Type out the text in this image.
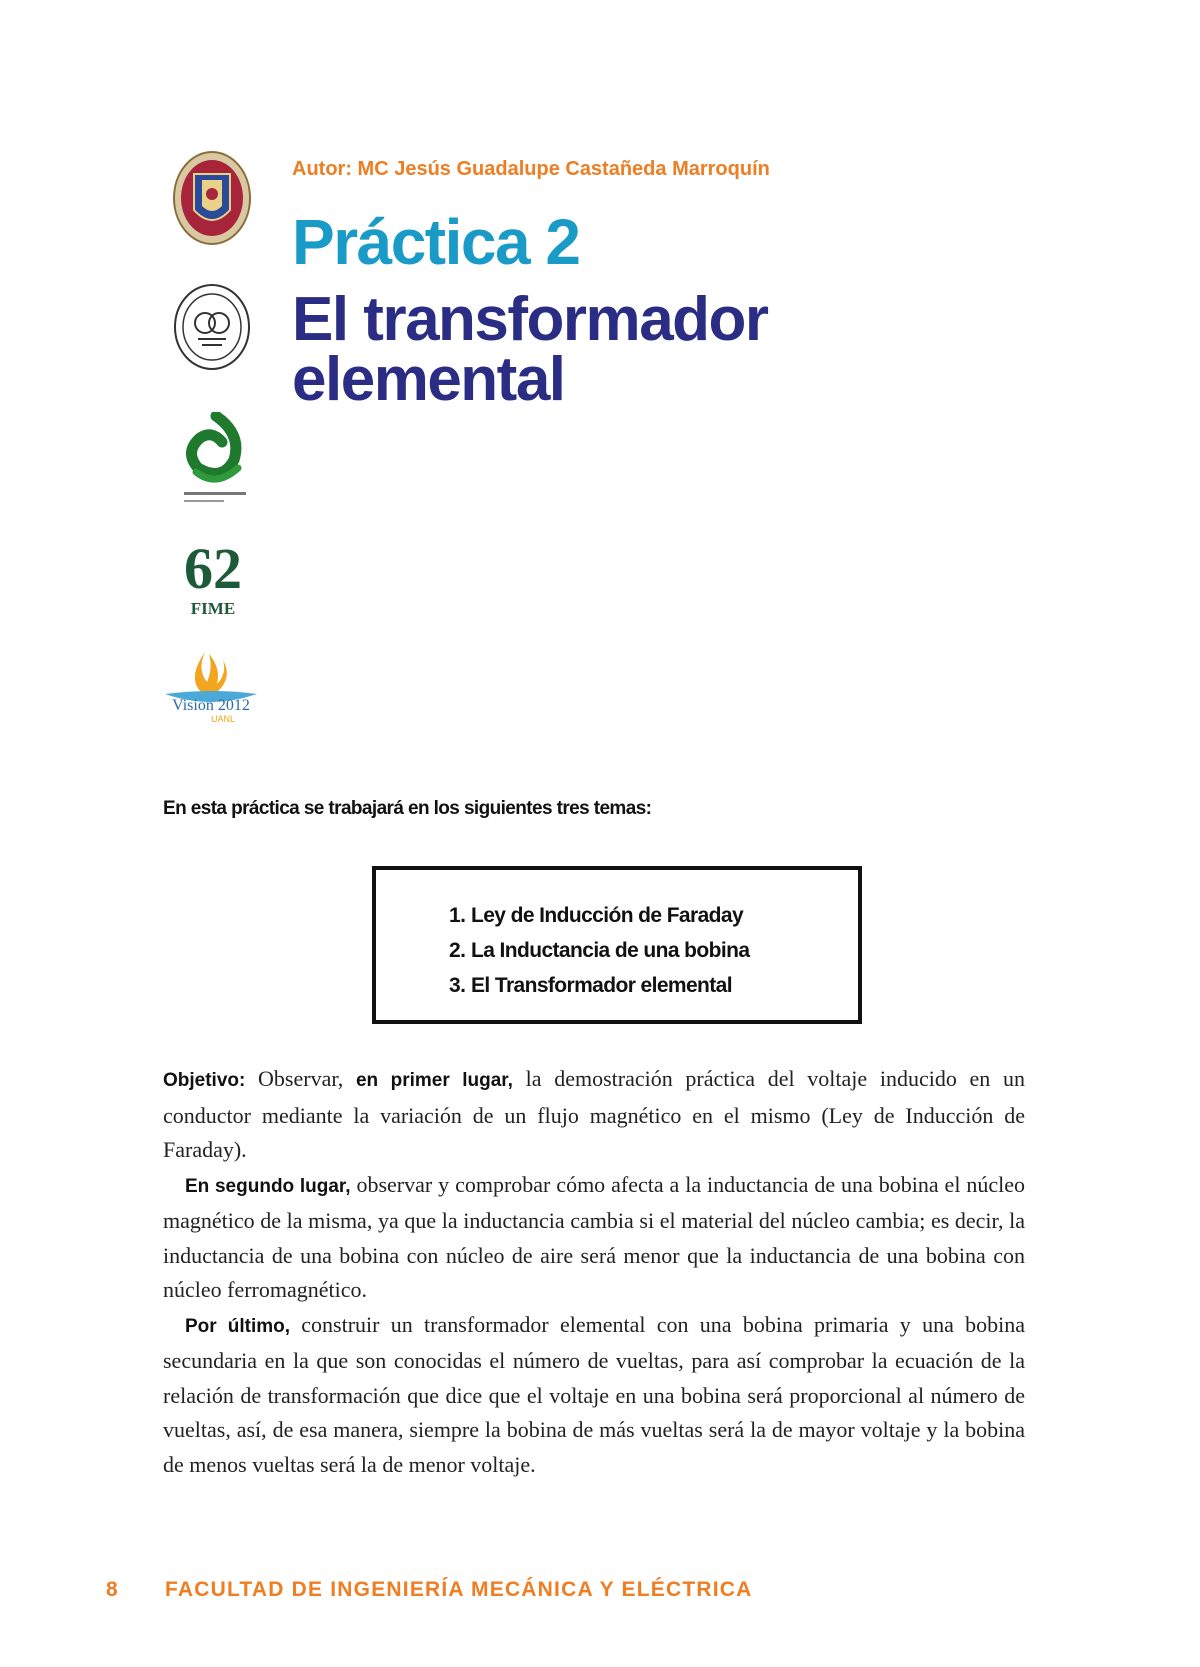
62
FIME
Vision 2012
UANL
Autor: MC Jesús Guadalupe Castañeda Marroquín
Práctica 2
El transformador
elemental
En esta práctica se trabajará en los siguientes tres temas:
1. Ley de Inducción de Faraday
2. La Inductancia de una bobina
3. El Transformador elemental

Objetivo: Observar, en primer lugar, la demostración práctica del voltaje inducido en un conductor mediante la variación de un flujo magnético en el mismo (Ley de Inducción de Faraday).

En segundo lugar, observar y comprobar cómo afecta a la inductancia de una bobina el núcleo magnético de la misma, ya que la inductancia cambia si el material del núcleo cambia; es decir, la inductancia de una bobina con núcleo de aire será menor que la inductancia de una bobina con núcleo ferromagnético.

Por último, construir un transformador elemental con una bobina primaria y una bobina secundaria en la que son conocidas el número de vueltas, para así comprobar la ecuación de la relación de transformación que dice que el voltaje en una bobina será proporcional al número de vueltas, así, de esa manera, siempre la bobina de más vueltas será la de mayor voltaje y la bobina de menos vueltas será la de menor voltaje.

8 FACULTAD DE INGENIERÍA MECÁNICA Y ELÉCTRICA
